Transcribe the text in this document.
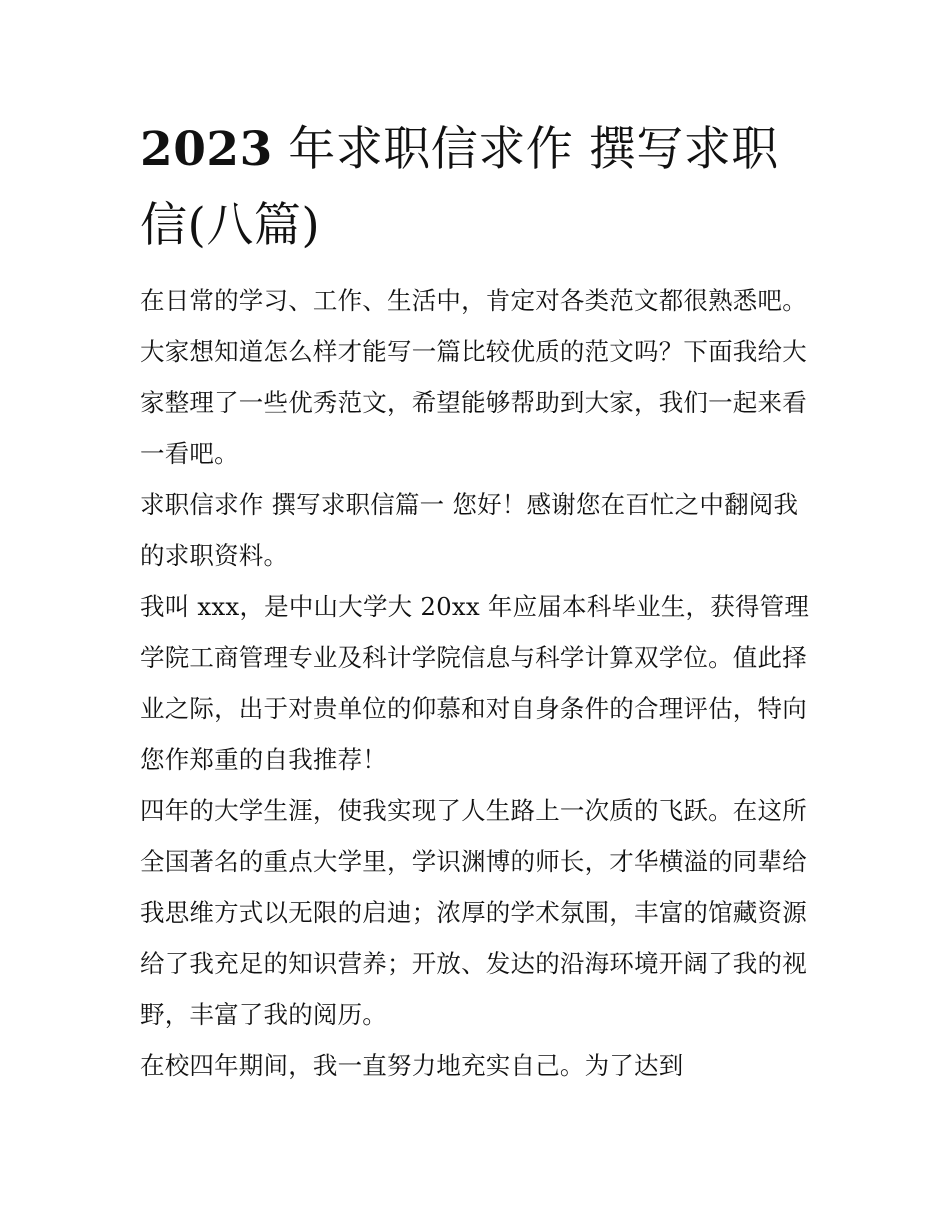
2023 年求职信求作 撰写求职信(八篇)

在日常的学习、工作、生活中，肯定对各类范文都很熟悉吧。
大家想知道怎么样才能写一篇比较优质的范文吗？下面我给大
家整理了一些优秀范文，希望能够帮助到大家，我们一起来看
一看吧。

求职信求作 撰写求职信篇一 您好！感谢您在百忙之中翻阅我
的求职资料。

我叫 xxx，是中山大学大 20xx 年应届本科毕业生，获得管理
学院工商管理专业及科计学院信息与科学计算双学位。值此择
业之际，出于对贵单位的仰慕和对自身条件的合理评估，特向
您作郑重的自我推荐！

四年的大学生涯，使我实现了人生路上一次质的飞跃。在这所
全国著名的重点大学里，学识渊博的师长，才华横溢的同辈给
我思维方式以无限的启迪；浓厚的学术氛围，丰富的馆藏资源
给了我充足的知识营养；开放、发达的沿海环境开阔了我的视
野，丰富了我的阅历。

在校四年期间，我一直努力地充实自己。为了达到
